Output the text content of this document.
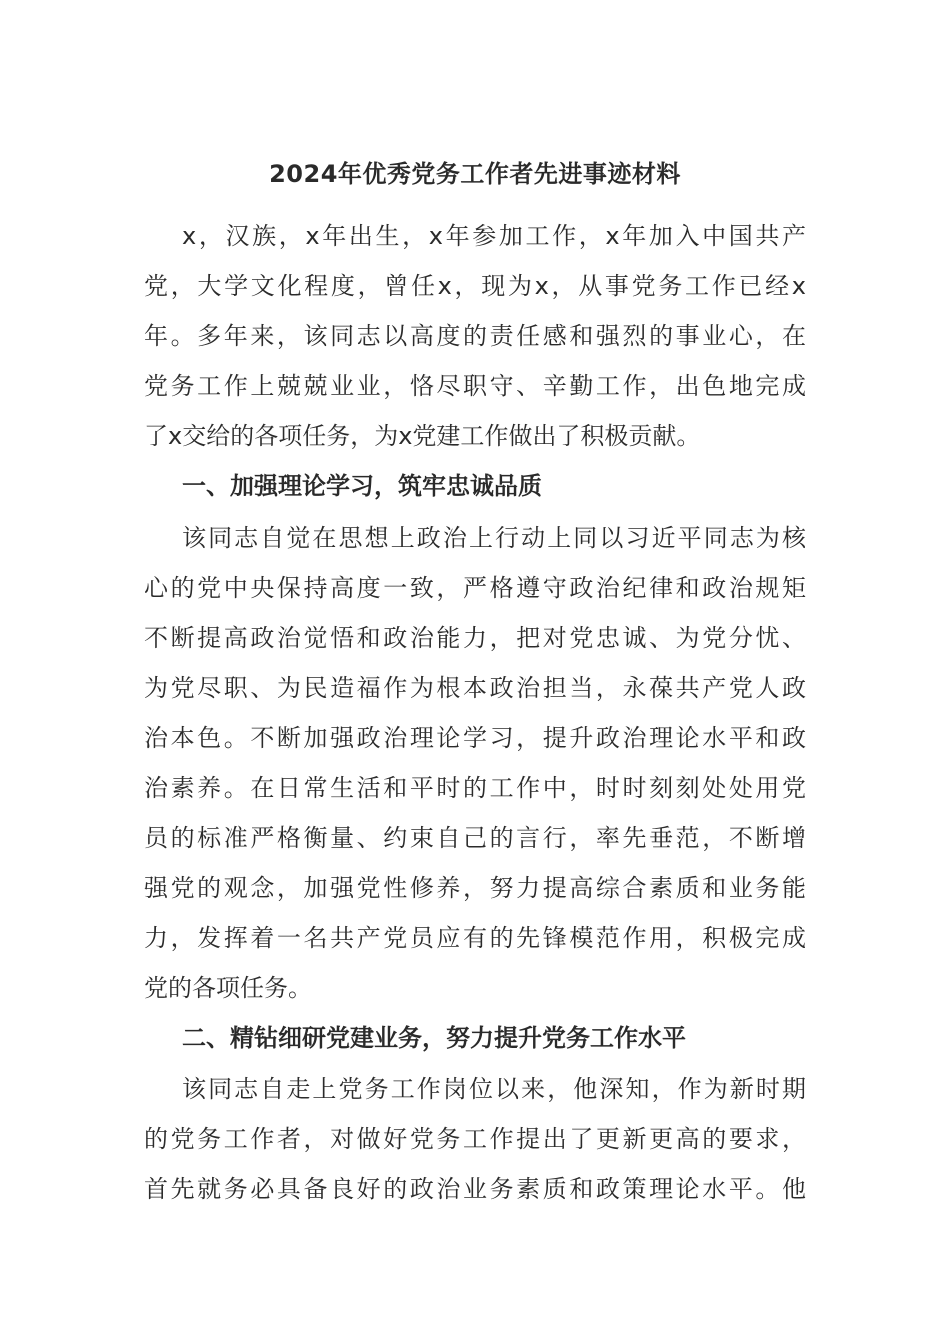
2024年优秀党务工作者先进事迹材料
x，汉族，x年出生，x年参加工作，x年加入中国共产
党，大学文化程度，曾任x，现为x，从事党务工作已经x
年。多年来，该同志以高度的责任感和强烈的事业心，在
党务工作上兢兢业业，恪尽职守、辛勤工作，出色地完成
了x交给的各项任务，为x党建工作做出了积极贡献。
一、加强理论学习，筑牢忠诚品质
该同志自觉在思想上政治上行动上同以习近平同志为核
心的党中央保持高度一致，严格遵守政治纪律和政治规矩
不断提高政治觉悟和政治能力，把对党忠诚、为党分忧、
为党尽职、为民造福作为根本政治担当，永葆共产党人政
治本色。不断加强政治理论学习，提升政治理论水平和政
治素养。在日常生活和平时的工作中，时时刻刻处处用党
员的标准严格衡量、约束自己的言行，率先垂范，不断增
强党的观念，加强党性修养，努力提高综合素质和业务能
力，发挥着一名共产党员应有的先锋模范作用，积极完成
党的各项任务。
二、精钻细研党建业务，努力提升党务工作水平
该同志自走上党务工作岗位以来，他深知，作为新时期
的党务工作者，对做好党务工作提出了更新更高的要求，
首先就务必具备良好的政治业务素质和政策理论水平。他
